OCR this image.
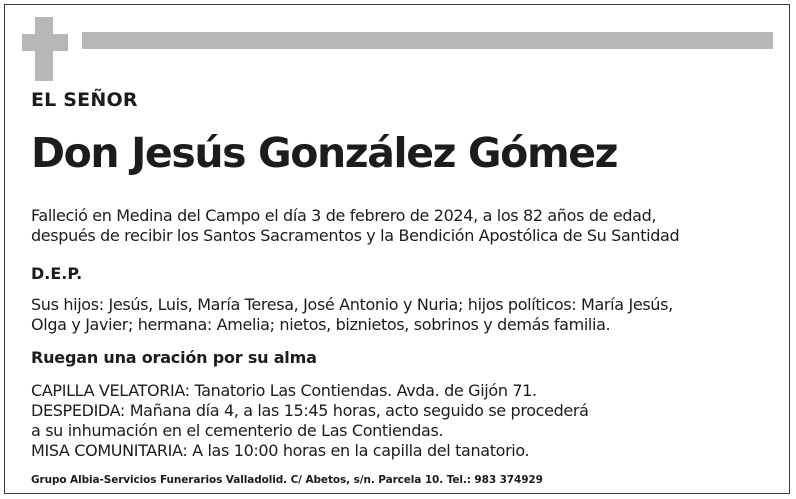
EL SEÑOR

Don Jesús González Gómez

Falleció en Medina del Campo el día 3 de febrero de 2024, a los 82 años de edad,
después de recibir los Santos Sacramentos y la Bendición Apostólica de Su Santidad

D.E.P.

Sus hijos: Jesús, Luis, María Teresa, José Antonio y Nuria; hijos políticos: María Jesús,
Olga y Javier; hermana: Amelia; nietos, biznietos, sobrinos y demás familia.

Ruegan una oración por su alma

CAPILLA VELATORIA: Tanatorio Las Contiendas. Avda. de Gijón 71.
DESPEDIDA: Mañana día 4, a las 15:45 horas, acto seguido se procederá
a su inhumación en el cementerio de Las Contiendas.
MISA COMUNITARIA: A las 10:00 horas en la capilla del tanatorio.

Grupo Albia-Servicios Funerarios Valladolid. C/ Abetos, s/n. Parcela 10. Tel.: 983 374929
